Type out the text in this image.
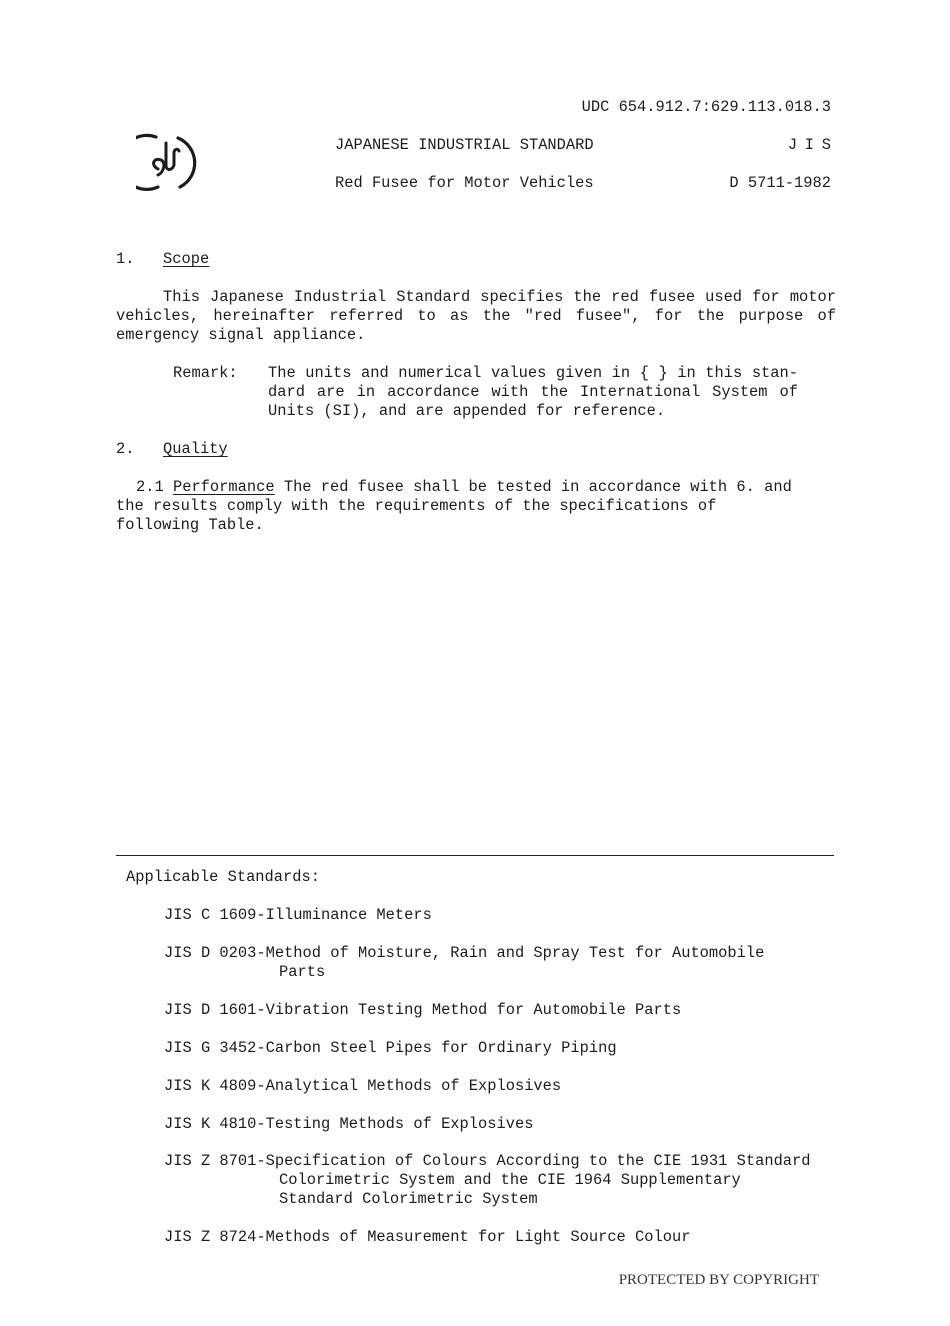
UDC 654.912.7:629.113.018.3
JAPANESE INDUSTRIAL STANDARD	JIS
Red Fusee for Motor Vehicles	D 5711-1982
1. Scope
This Japanese Industrial Standard specifies the red fusee used for motor vehicles, hereinafter referred to as the "red fusee", for the purpose of emergency signal appliance.
Remark: The units and numerical values given in { } in this stan-dard are in accordance with the International System of Units (SI), and are appended for reference.
2. Quality
2.1 Performance The red fusee shall be tested in accordance with 6. and the results comply with the requirements of the specifications of following Table.
Applicable Standards:
JIS C 1609-Illuminance Meters
JIS D 0203-Method of Moisture, Rain and Spray Test for Automobile
Parts
JIS D 1601-Vibration Testing Method for Automobile Parts
JIS G 3452-Carbon Steel Pipes for Ordinary Piping
JIS K 4809-Analytical Methods of Explosives
JIS K 4810-Testing Methods of Explosives
JIS Z 8701-Specification of Colours According to the CIE 1931 Standard
Colorimetric System and the CIE 1964 Supplementary
Standard Colorimetric System
JIS Z 8724-Methods of Measurement for Light Source Colour
PROTECTED BY COPYRIGHT
